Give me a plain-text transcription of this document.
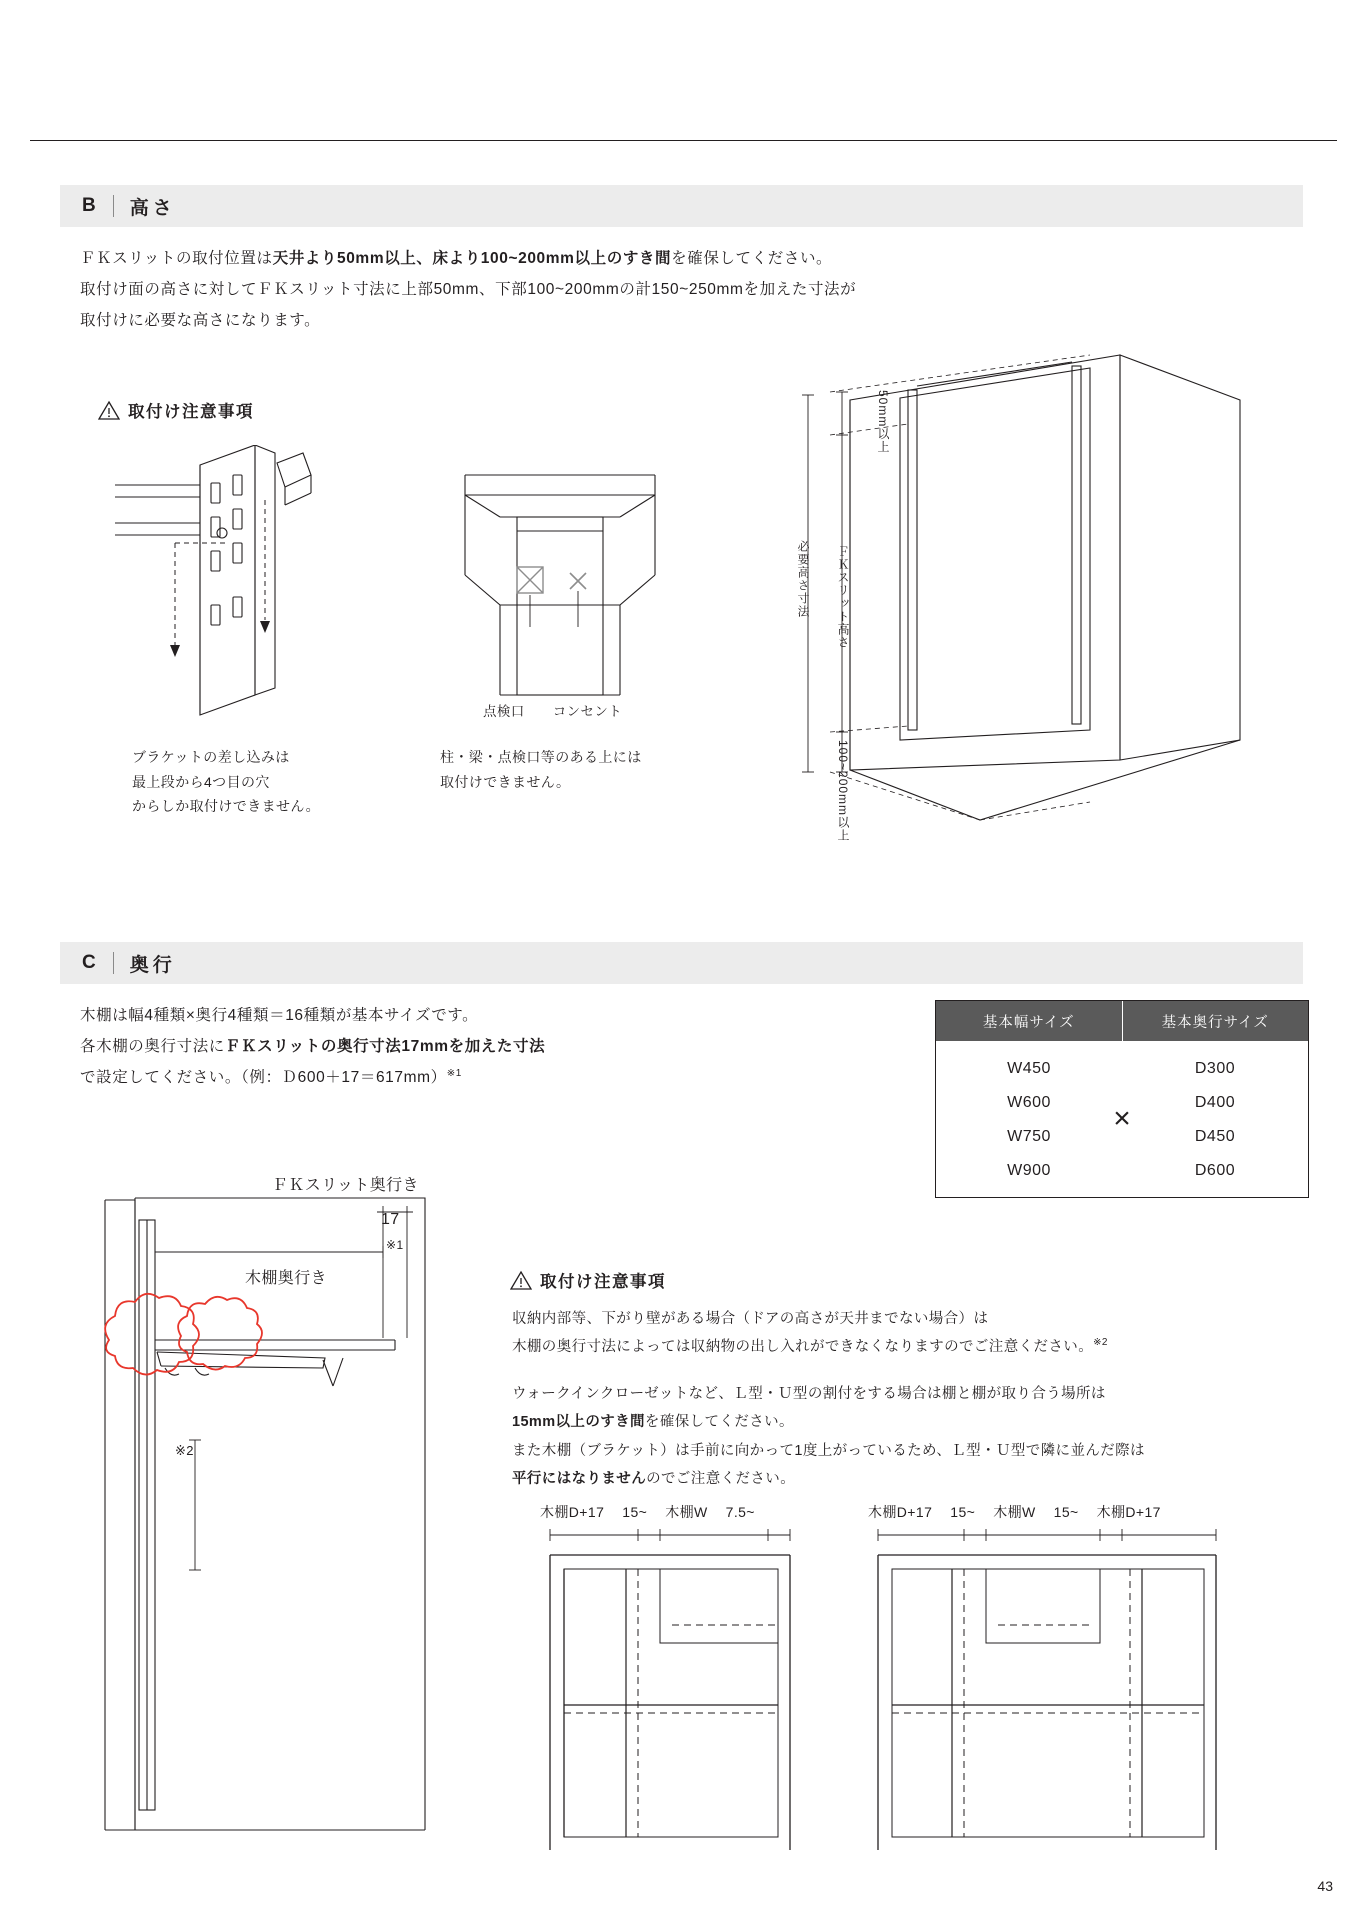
B 高さ
ＦＫスリットの取付位置は天井より50mm以上、床より100~200mm以上のすき間を確保してください。
取付け面の高さに対してＦＫスリット寸法に上部50mm、下部100~200mmの計150~250mmを加えた寸法が
取付けに必要な高さになります。
取付け注意事項
ブラケットの差し込みは
最上段から4つ目の穴
からしか取付けできません。
点検口 コンセント
柱・梁・点検口等のある上には
取付けできません。
必要高さ寸法 ＦＫスリット高さ
50mm以上
100~200mm以上
C 奥行
木棚は幅4種類×奥行4種類＝16種類が基本サイズです。
各木棚の奥行寸法にＦＫスリットの奥行寸法17mmを加えた寸法
で設定してください。（例：Ｄ600＋17＝617mm）$^{※1}$
基本幅サイズ	基本奥行サイズ
W450
W600
W750
W900
D300
D400
D450
D600
×
ＦＫスリット奥行き
17
※1
木棚奥行き
※2
取付け注意事項
収納内部等、下がり壁がある場合（ドアの高さが天井までない場合）は
木棚の奥行寸法によっては収納物の出し入れができなくなりますのでご注意ください。$^{※2}$
ウォークインクローゼットなど、Ｌ型・Ｕ型の割付をする場合は棚と棚が取り合う場所は
15mm以上のすき間を確保してください。
また木棚（ブラケット）は手前に向かって1度上がっているため、Ｌ型・Ｕ型で隣に並んだ際は
平行にはなりませんのでご注意ください。
木棚D+17 15~ 木棚W 7.5~	木棚D+17 15~ 木棚W 15~ 木棚D+17
43
